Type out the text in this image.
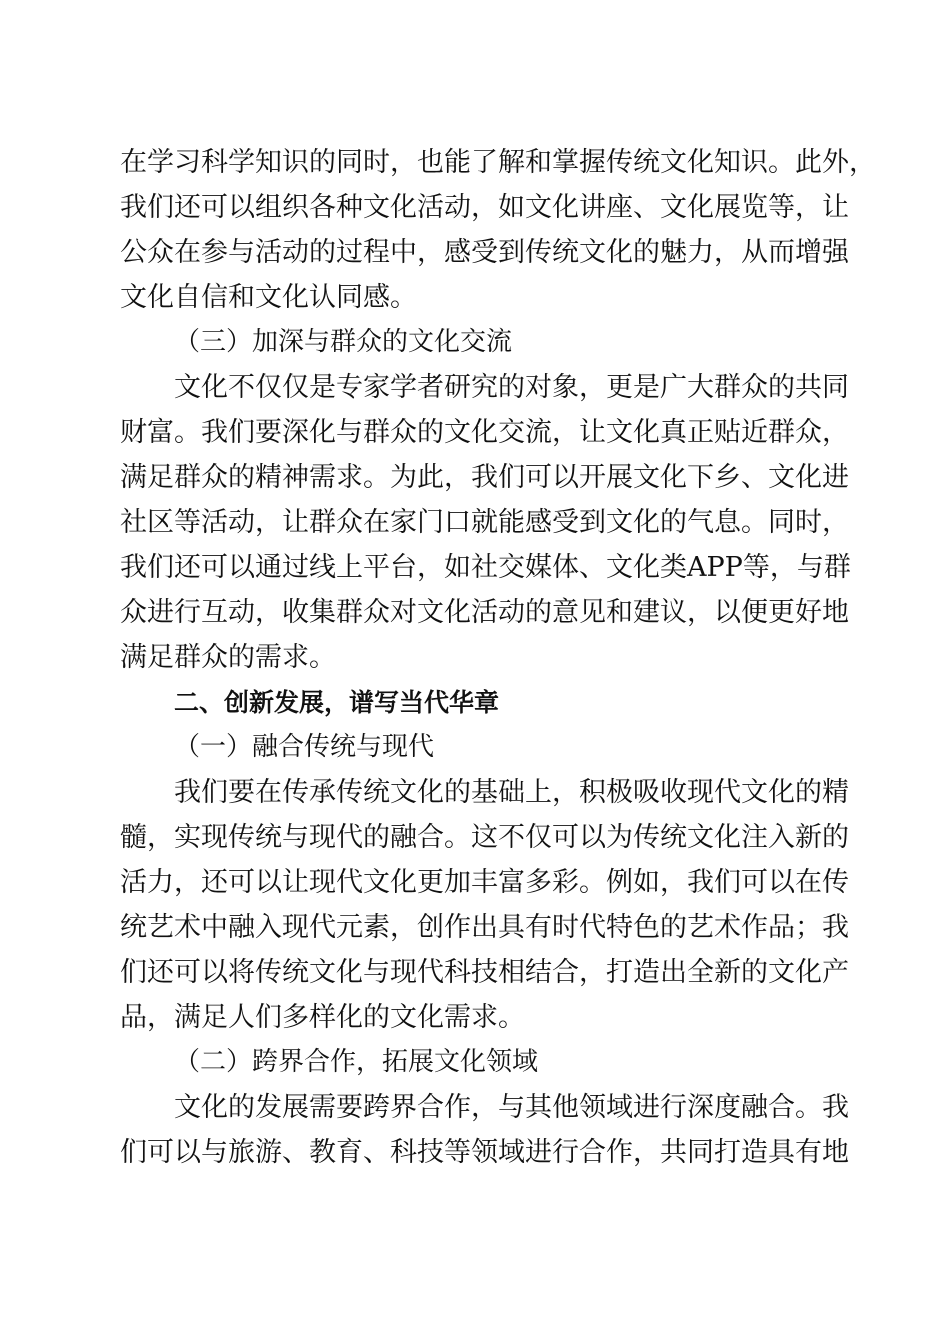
在学习科学知识的同时，也能了解和掌握传统文化知识。此外，
我们还可以组织各种文化活动，如文化讲座、文化展览等，让
公众在参与活动的过程中，感受到传统文化的魅力，从而增强
文化自信和文化认同感。
（三）加深与群众的文化交流
文化不仅仅是专家学者研究的对象，更是广大群众的共同
财富。我们要深化与群众的文化交流，让文化真正贴近群众，
满足群众的精神需求。为此，我们可以开展文化下乡、文化进
社区等活动，让群众在家门口就能感受到文化的气息。同时，
我们还可以通过线上平台，如社交媒体、文化类APP等，与群
众进行互动，收集群众对文化活动的意见和建议，以便更好地
满足群众的需求。
二、创新发展，谱写当代华章
（一）融合传统与现代
我们要在传承传统文化的基础上，积极吸收现代文化的精
髓，实现传统与现代的融合。这不仅可以为传统文化注入新的
活力，还可以让现代文化更加丰富多彩。例如，我们可以在传
统艺术中融入现代元素，创作出具有时代特色的艺术作品；我
们还可以将传统文化与现代科技相结合，打造出全新的文化产
品，满足人们多样化的文化需求。
（二）跨界合作，拓展文化领域
文化的发展需要跨界合作，与其他领域进行深度融合。我
们可以与旅游、教育、科技等领域进行合作，共同打造具有地
